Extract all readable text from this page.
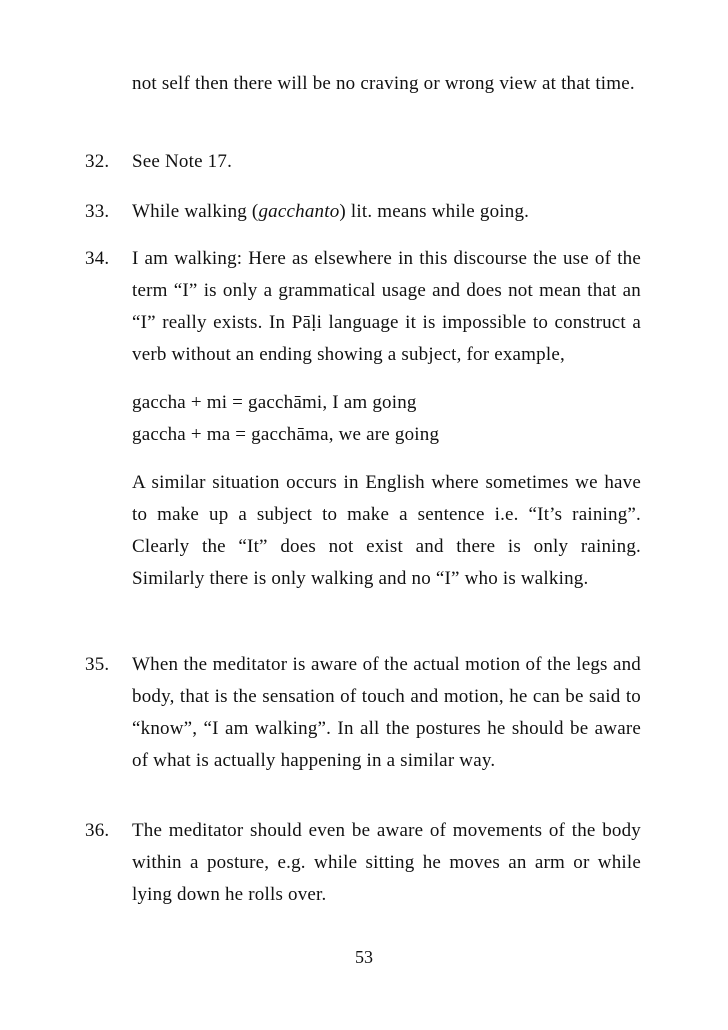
not self then there will be no craving or wrong view at that time.
32.	See Note 17.
33.	While walking (gacchanto) lit. means while going.
34.	I am walking: Here as elsewhere in this discourse the use of the term “I” is only a grammatical usage and does not mean that an “I” really exists. In Pāḷi language it is impossible to construct a verb without an ending showing a subject, for example,

gaccha + mi = gacchāmi, I am going
gaccha + ma = gacchāma, we are going

A similar situation occurs in English where sometimes we have to make up a subject to make a sentence i.e. “It’s raining”. Clearly the “It” does not exist and there is only raining. Similarly there is only walking and no “I” who is walking.

35.	When the meditator is aware of the actual motion of the legs and body, that is the sensation of touch and motion, he can be said to “know”, “I am walking”. In all the postures he should be aware of what is actually happening in a similar way.
36.	The meditator should even be aware of movements of the body within a posture, e.g. while sitting he moves an arm or while lying down he rolls over.
53
